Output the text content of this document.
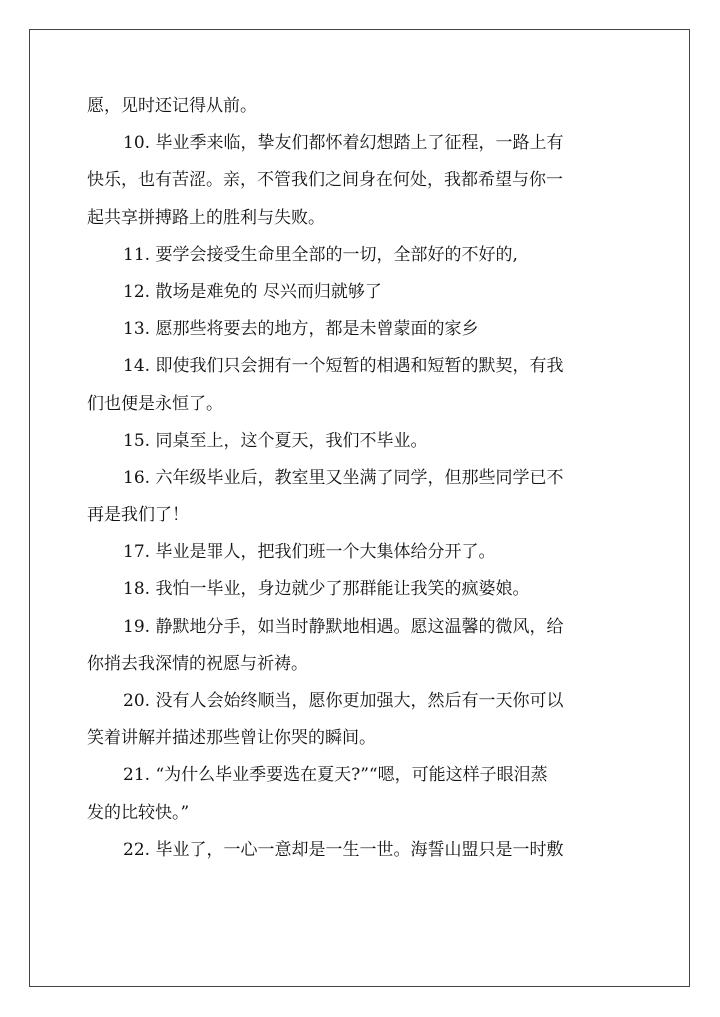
愿，见时还记得从前。
10. 毕业季来临，挚友们都怀着幻想踏上了征程，一路上有
快乐，也有苦涩。亲，不管我们之间身在何处，我都希望与你一
起共享拼搏路上的胜利与失败。
11. 要学会接受生命里全部的一切，全部好的不好的,
12. 散场是难免的 尽兴而归就够了
13. 愿那些将要去的地方，都是未曾蒙面的家乡
14. 即使我们只会拥有一个短暂的相遇和短暂的默契，有我
们也便是永恒了。
15. 同桌至上，这个夏天，我们不毕业。
16. 六年级毕业后，教室里又坐满了同学，但那些同学已不
再是我们了！
17. 毕业是罪人，把我们班一个大集体给分开了。
18. 我怕一毕业，身边就少了那群能让我笑的疯婆娘。
19. 静默地分手，如当时静默地相遇。愿这温馨的微风，给
你捎去我深情的祝愿与祈祷。
20. 没有人会始终顺当，愿你更加强大，然后有一天你可以
笑着讲解并描述那些曾让你哭的瞬间。
21. “为什么毕业季要选在夏天?”“嗯，可能这样子眼泪蒸
发的比较快。”
22. 毕业了，一心一意却是一生一世。海誓山盟只是一时敷
